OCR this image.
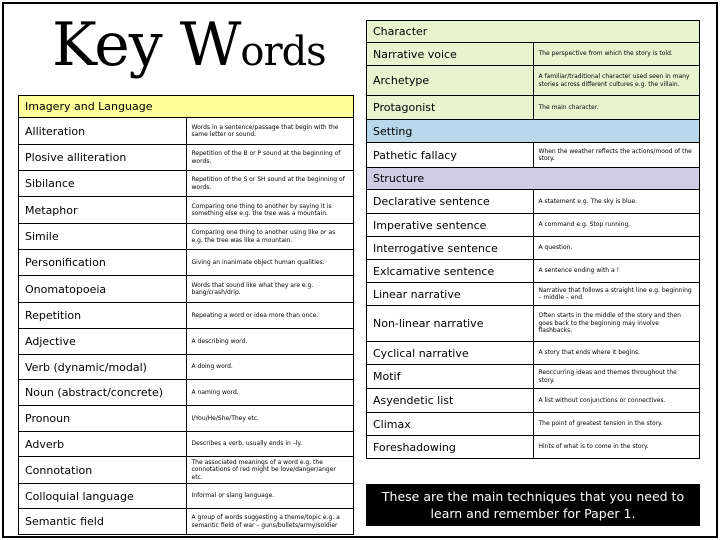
Key Words
Imagery and Language	
Alliteration	Words in a sentence/passage that begin with the same letter or sound.
Plosive alliteration	Repetition of the B or P sound at the beginning of words.
Sibilance	Repetition of the S or SH sound at the beginning of words.
Metaphor	Comparing one thing to another by saying it is something else e.g. the tree was a mountain.
Simile	Comparing one thing to another using like or as e.g. the tree was like a mountain.
Personification	Giving an inanimate object human qualities.
Onomatopoeia	Words that sound like what they are e.g. bang/crash/drip.
Repetition	Repeating a word or idea more than once.
Adjective	A describing word.
Verb (dynamic/modal)	A doing word.
Noun (abstract/concrete)	A naming word.
Pronoun	I/You/He/She/They etc.
Adverb	Describes a verb, usually ends in –ly.
Connotation	The associated meanings of a word e.g. the connotations of red might be love/danger/anger etc.
Colloquial language	Informal or slang language.
Semantic field	A group of words suggesting a theme/topic e.g. a semantic field of war – guns/bullets/army/soldier
Character	
Narrative voice	The perspective from which the story is told.
Archetype	A familiar/traditional character used seen in many stories across different cultures e.g. the villain.
Protagonist	The main character.
Setting	
Pathetic fallacy	When the weather reflects the actions/mood of the story.
Structure	
Declarative sentence	A statement e.g. The sky is blue.
Imperative sentence	A command e.g. Stop running.
Interrogative sentence	A question.
Exlcamative sentence	A sentence ending with a !
Linear narrative	Narrative that follows a straight line e.g. beginning – middle – end.
Non-linear narrative	Often starts in the middle of the story and then goes back to the beginning may involve flashbacks.
Cyclical narrative	A story that ends where it begins.
Motif	Reoccurring ideas and themes throughout the story.
Asyendetic list	A list without conjunctions or connectives.
Climax	The point of greatest tension in the story.
Foreshadowing	Hints of what is to come in the story.
These are the main techniques that you need to learn and remember for Paper 1.
